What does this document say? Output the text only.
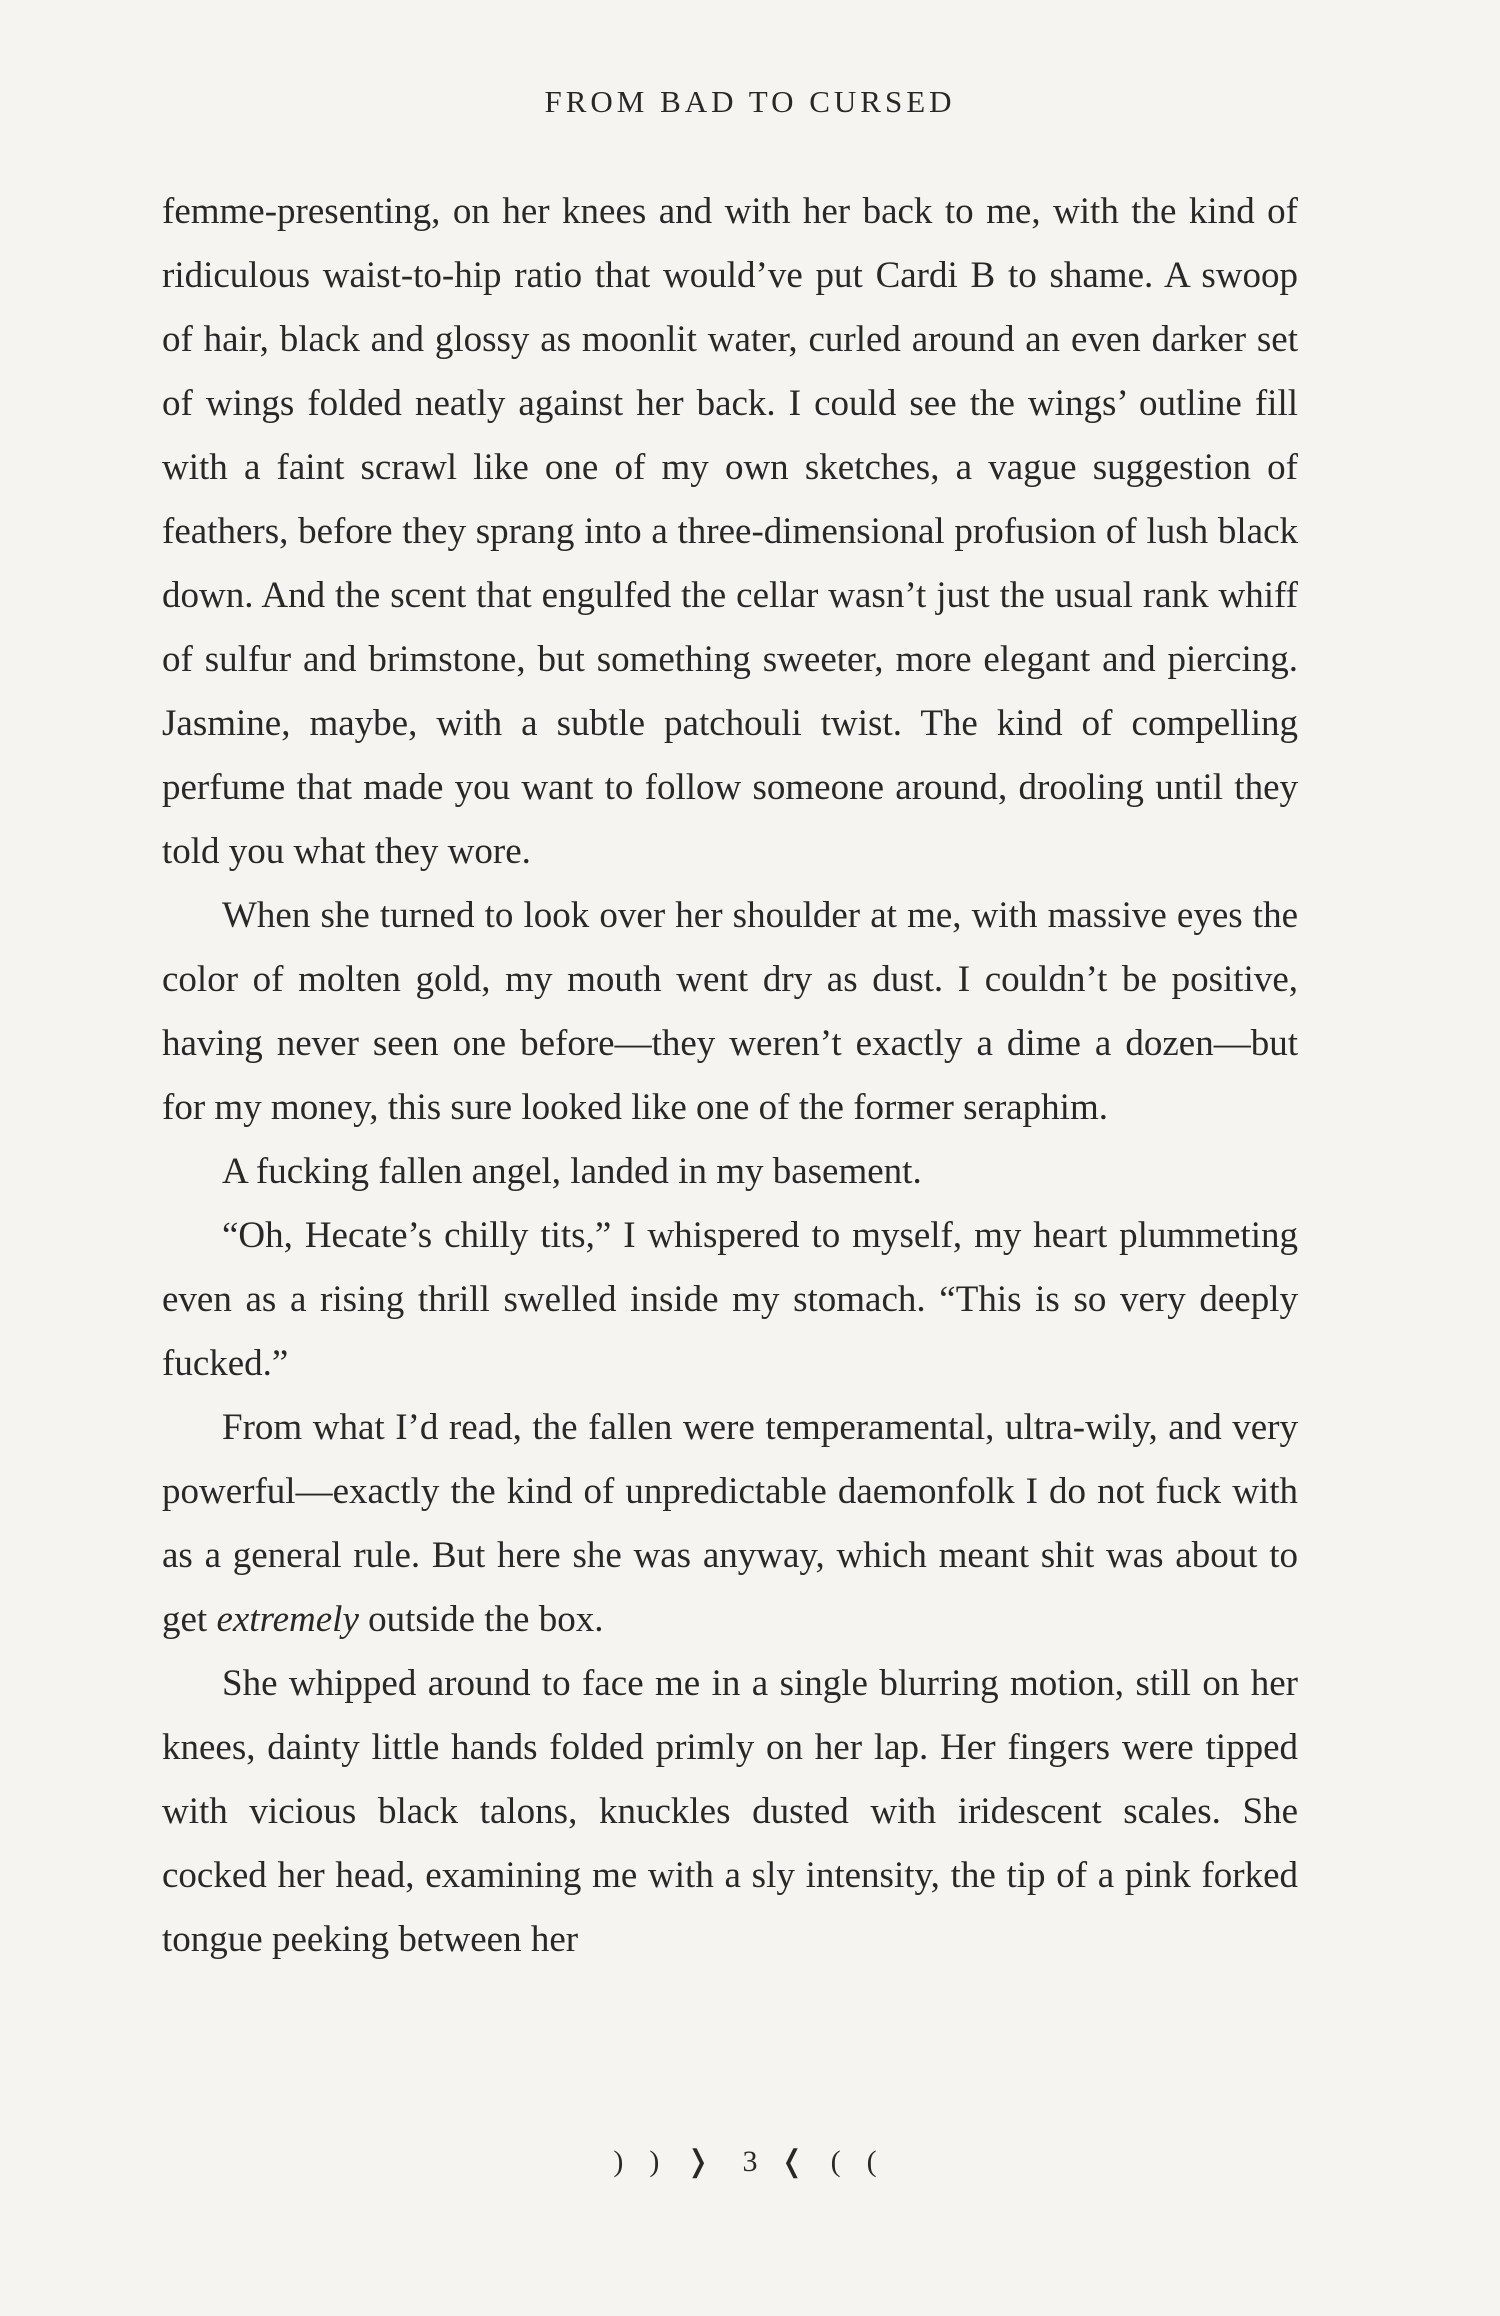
FROM BAD TO CURSED

femme-presenting, on her knees and with her back to me, with the kind of ridiculous waist-to-hip ratio that would’ve put Cardi B to shame. A swoop of hair, black and glossy as moonlit water, curled around an even darker set of wings folded neatly against her back. I could see the wings’ outline fill with a faint scrawl like one of my own sketches, a vague suggestion of feathers, before they sprang into a three-dimensional profusion of lush black down. And the scent that engulfed the cellar wasn’t just the usual rank whiff of sulfur and brimstone, but something sweeter, more elegant and piercing. Jasmine, maybe, with a subtle patchouli twist. The kind of compelling perfume that made you want to follow someone around, drooling until they told you what they wore.

When she turned to look over her shoulder at me, with massive eyes the color of molten gold, my mouth went dry as dust. I couldn’t be positive, having never seen one before—they weren’t exactly a dime a dozen—but for my money, this sure looked like one of the former seraphim.

A fucking fallen angel, landed in my basement.

“Oh, Hecate’s chilly tits,” I whispered to myself, my heart plummeting even as a rising thrill swelled inside my stomach. “This is so very deeply fucked.”

From what I’d read, the fallen were temperamental, ultra-wily, and very powerful—exactly the kind of unpredictable daemonfolk I do not fuck with as a general rule. But here she was anyway, which meant shit was about to get extremely outside the box.

She whipped around to face me in a single blurring motion, still on her knees, dainty little hands folded primly on her lap. Her fingers were tipped with vicious black talons, knuckles dusted with iridescent scales. She cocked her head, examining me with a sly intensity, the tip of a pink forked tongue peeking between her

) ) ❭ 3 ❬ ( (
